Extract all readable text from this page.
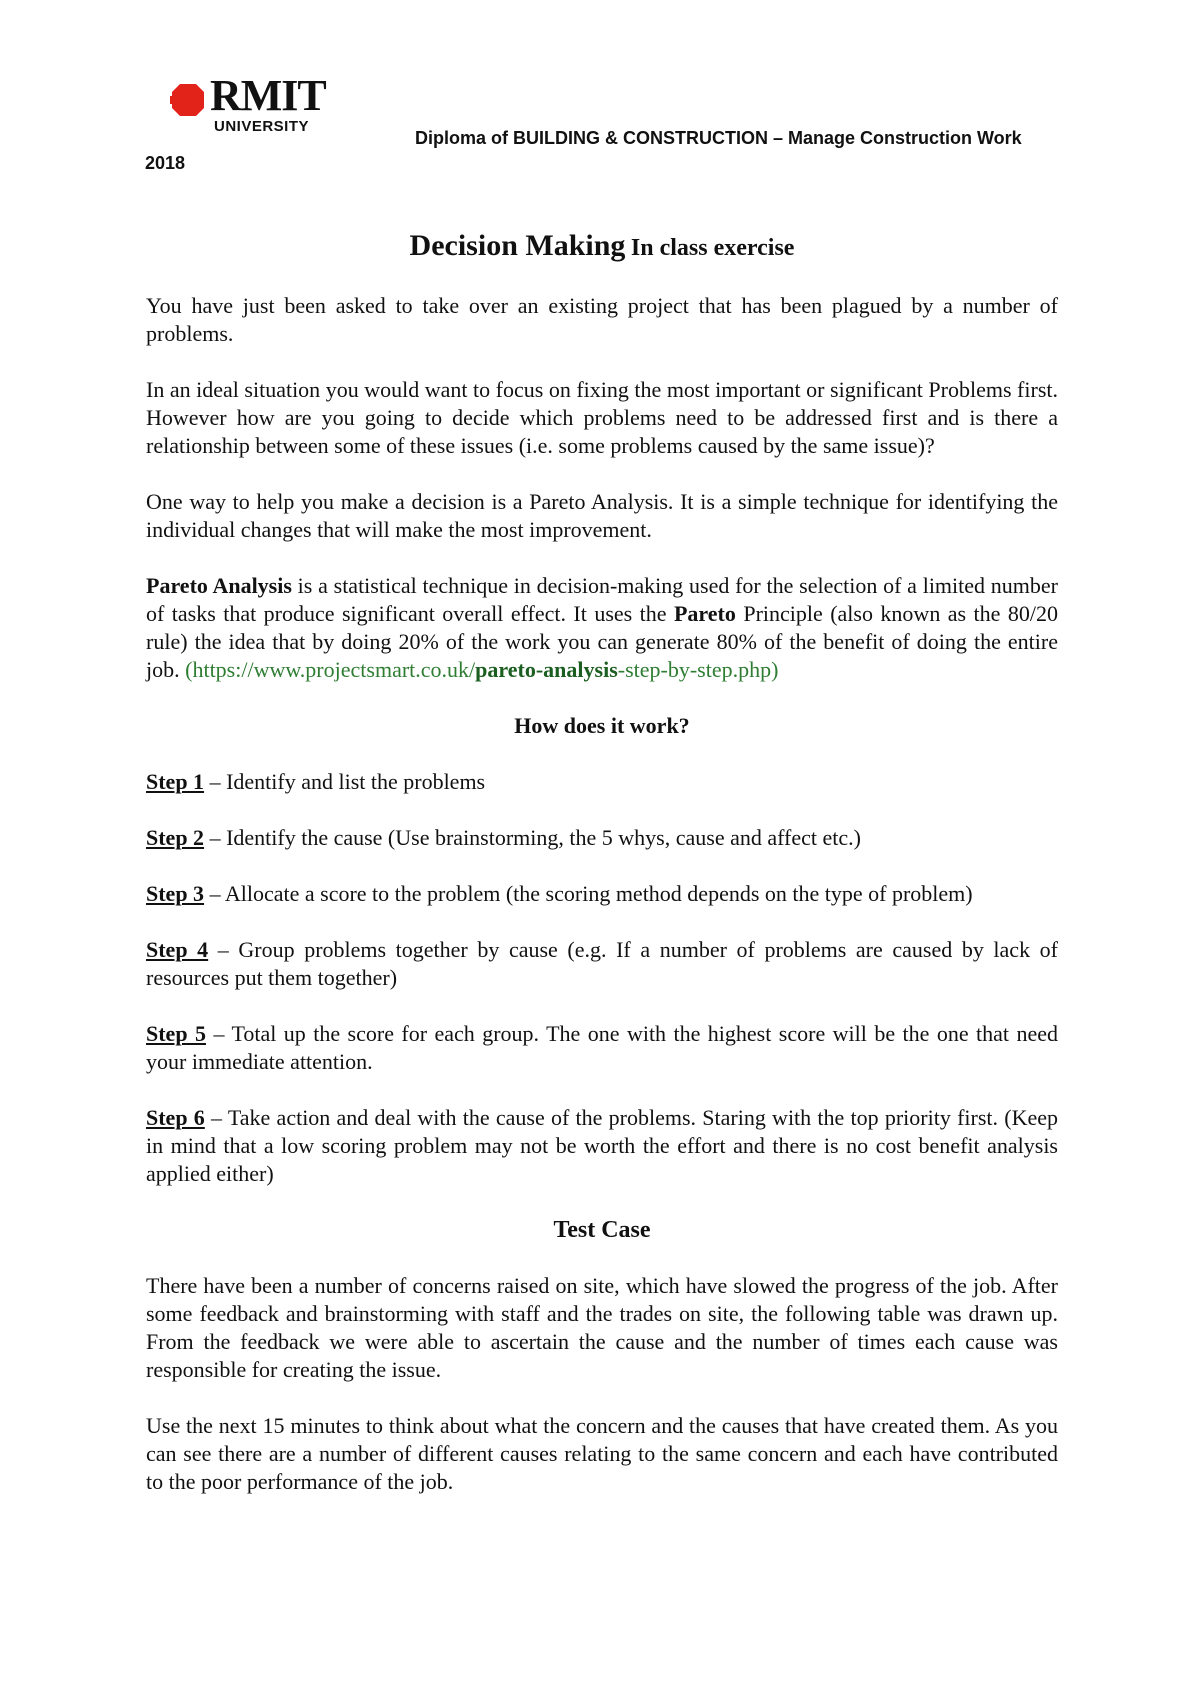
RMIT
UNIVERSITY
Diploma of BUILDING & CONSTRUCTION – Manage Construction Work
2018
Decision Making In class exercise

You have just been asked to take over an existing project that has been plagued by a number of problems.

In an ideal situation you would want to focus on fixing the most important or significant Problems first. However how are you going to decide which problems need to be addressed first and is there a relationship between some of these issues (i.e. some problems caused by the same issue)?

One way to help you make a decision is a Pareto Analysis. It is a simple technique for identifying the individual changes that will make the most improvement.

Pareto Analysis is a statistical technique in decision-making used for the selection of a limited number of tasks that produce significant overall effect. It uses the Pareto Principle (also known as the 80/20 rule) the idea that by doing 20% of the work you can generate 80% of the benefit of doing the entire job. (https://www.projectsmart.co.uk/pareto-analysis-step-by-step.php)

How does it work?

Step 1 – Identify and list the problems

Step 2 – Identify the cause (Use brainstorming, the 5 whys, cause and affect etc.)

Step 3 – Allocate a score to the problem (the scoring method depends on the type of problem)

Step 4 – Group problems together by cause (e.g. If a number of problems are caused by lack of resources put them together)

Step 5 – Total up the score for each group. The one with the highest score will be the one that need your immediate attention.

Step 6 – Take action and deal with the cause of the problems. Staring with the top priority first. (Keep in mind that a low scoring problem may not be worth the effort and there is no cost benefit analysis applied either)

Test Case

There have been a number of concerns raised on site, which have slowed the progress of the job. After some feedback and brainstorming with staff and the trades on site, the following table was drawn up. From the feedback we were able to ascertain the cause and the number of times each cause was responsible for creating the issue.

Use the next 15 minutes to think about what the concern and the causes that have created them. As you can see there are a number of different causes relating to the same concern and each have contributed to the poor performance of the job.
